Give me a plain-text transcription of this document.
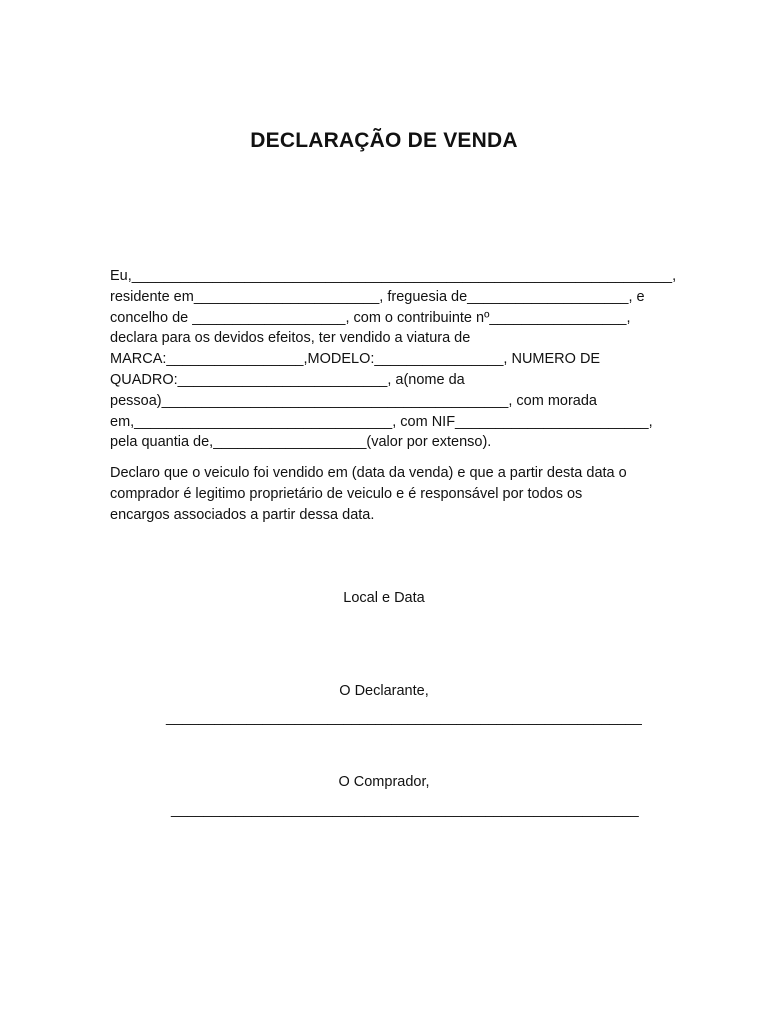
DECLARAÇÃO DE VENDA
Eu,___________________________________________________________________,
residente em_______________________, freguesia de____________________, e
concelho de ___________________, com o contribuinte nº_________________,
declara para os devidos efeitos, ter vendido a viatura de
MARCA:_________________,MODELO:________________, NUMERO DE
QUADRO:__________________________, a(nome da
pessoa)___________________________________________, com morada
em,________________________________, com NIF________________________,
pela quantia de,___________________(valor por extenso).
Declaro que o veiculo foi vendido em (data da venda) e que a partir desta data o
comprador é legitimo proprietário de veiculo e é responsável por todos os
encargos associados a partir dessa data.
Local e Data
O Declarante,
___________________________________________________________
O Comprador,
__________________________________________________________
